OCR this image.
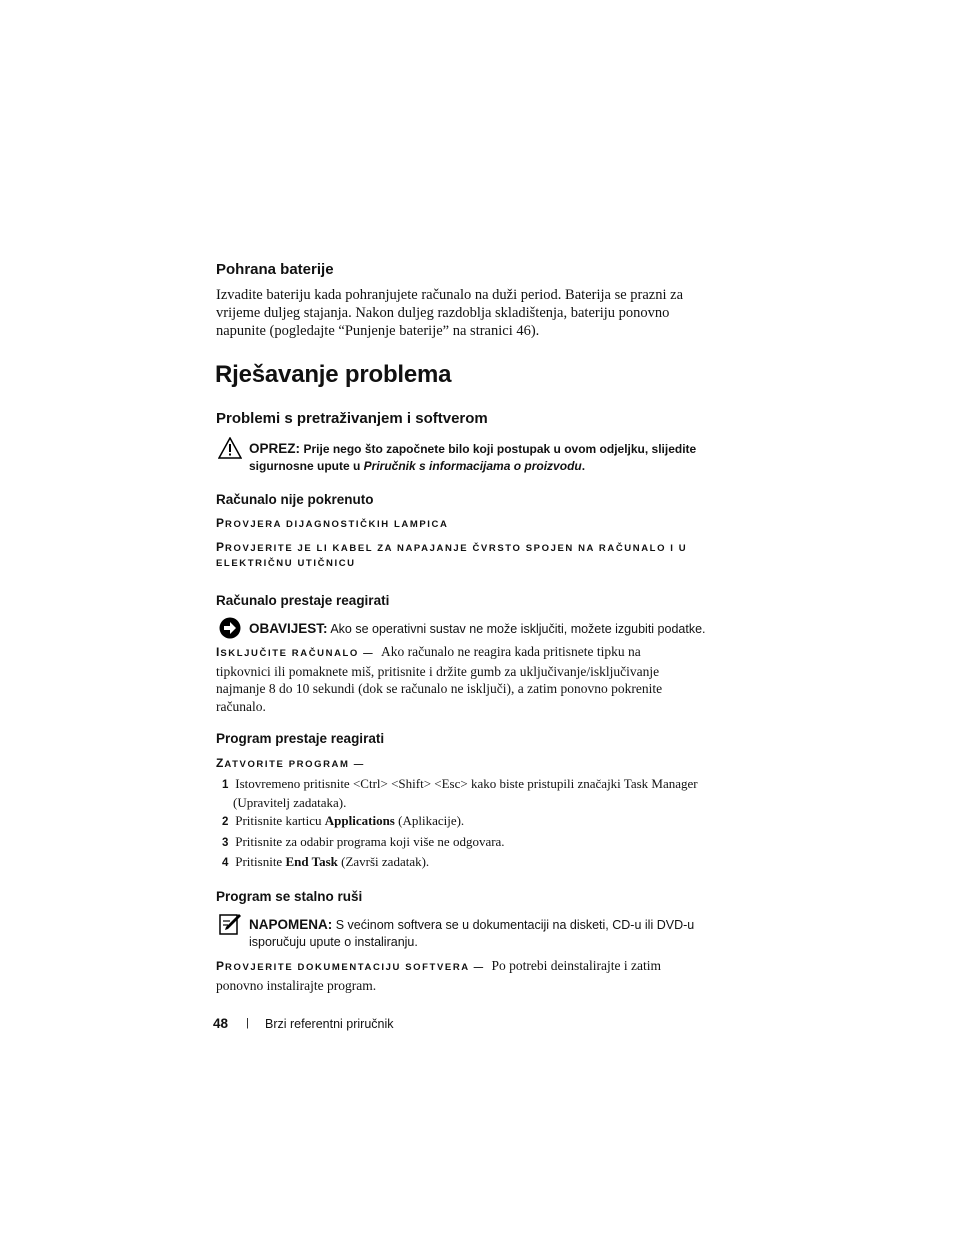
Pohrana baterije
Izvadite bateriju kada pohranjujete računalo na duži period. Baterija se prazni za
vrijeme duljeg stajanja. Nakon duljeg razdoblja skladištenja, bateriju ponovno
napunite (pogledajte “Punjenje baterije” na stranici 46).
Rješavanje problema
Problemi s pretraživanjem i softverom
OPREZ: Prije nego što započnete bilo koji postupak u ovom odjeljku, slijedite
sigurnosne upute u Priručnik s informacijama o proizvodu.
Računalo nije pokrenuto
PROVJERA DIJAGNOSTIČKIH LAMPICA
PROVJERITE JE LI KABEL ZA NAPAJANJE ČVRSTO SPOJEN NA RAČUNALO I U
ELEKTRIČNU UTIČNICU
Računalo prestaje reagirati
OBAVIJEST: Ako se operativni sustav ne može isključiti, možete izgubiti podatke.
ISKLJUČITE RAČUNALO — Ako računalo ne reagira kada pritisnete tipku na
tipkovnici ili pomaknete miš, pritisnite i držite gumb za uključivanje/isključivanje
najmanje 8 do 10 sekundi (dok se računalo ne isključi), a zatim ponovno pokrenite
računalo.
Program prestaje reagirati
ZATVORITE PROGRAM —
1 Istovremeno pritisnite <Ctrl> <Shift> <Esc> kako biste pristupili značajki Task Manager
(Upravitelj zadataka).
2 Pritisnite karticu Applications (Aplikacije).
3 Pritisnite za odabir programa koji više ne odgovara.
4 Pritisnite End Task (Završi zadatak).
Program se stalno ruši
NAPOMENA: S većinom softvera se u dokumentaciji na disketi, CD-u ili DVD-u
isporučuju upute o instaliranju.
PROVJERITE DOKUMENTACIJU SOFTVERA — Po potrebi deinstalirajte i zatim
ponovno instalirajte program.
48 | Brzi referentni priručnik
